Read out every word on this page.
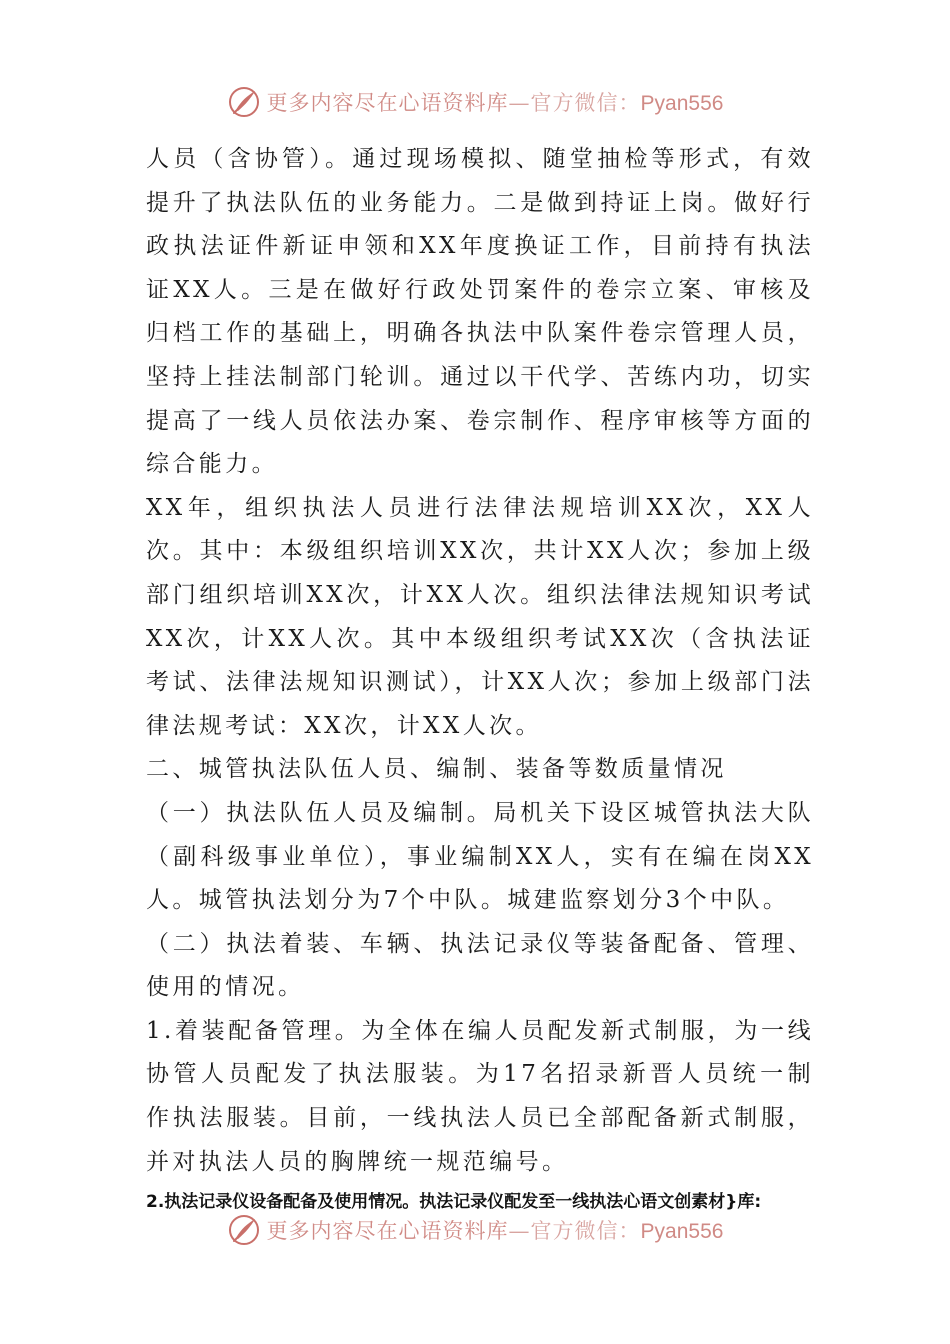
更多内容尽在心语资料库—官方微信：Pyan556

人员（含协管）。通过现场模拟、随堂抽检等形式，有效提升了执法队伍的业务能力。二是做到持证上岗。做好行政执法证件新证申领和XX年度换证工作，目前持有执法证XX人。三是在做好行政处罚案件的卷宗立案、审核及归档工作的基础上，明确各执法中队案件卷宗管理人员，坚持上挂法制部门轮训。通过以干代学、苦练内功，切实提高了一线人员依法办案、卷宗制作、程序审核等方面的综合能力。

XX年，组织执法人员进行法律法规培训XX次，XX人次。其中：本级组织培训XX次，共计XX人次；参加上级部门组织培训XX次，计XX人次。组织法律法规知识考试XX次，计XX人次。其中本级组织考试XX次（含执法证考试、法律法规知识测试），计XX人次；参加上级部门法律法规考试：XX次，计XX人次。

二、城管执法队伍人员、编制、装备等数质量情况

（一）执法队伍人员及编制。局机关下设区城管执法大队（副科级事业单位），事业编制XX人，实有在编在岗XX人。城管执法划分为7个中队。城建监察划分3个中队。

（二）执法着装、车辆、执法记录仪等装备配备、管理、使用的情况。

1.着装配备管理。为全体在编人员配发新式制服，为一线协管人员配发了执法服装。为17名招录新晋人员统一制作执法服装。目前，一线执法人员已全部配备新式制服，并对执法人员的胸牌统一规范编号。

2.执法记录仪设备配备及使用情况。执法记录仪配发至一线执法心语文创素材}库:

更多内容尽在心语资料库—官方微信：Pyan556
